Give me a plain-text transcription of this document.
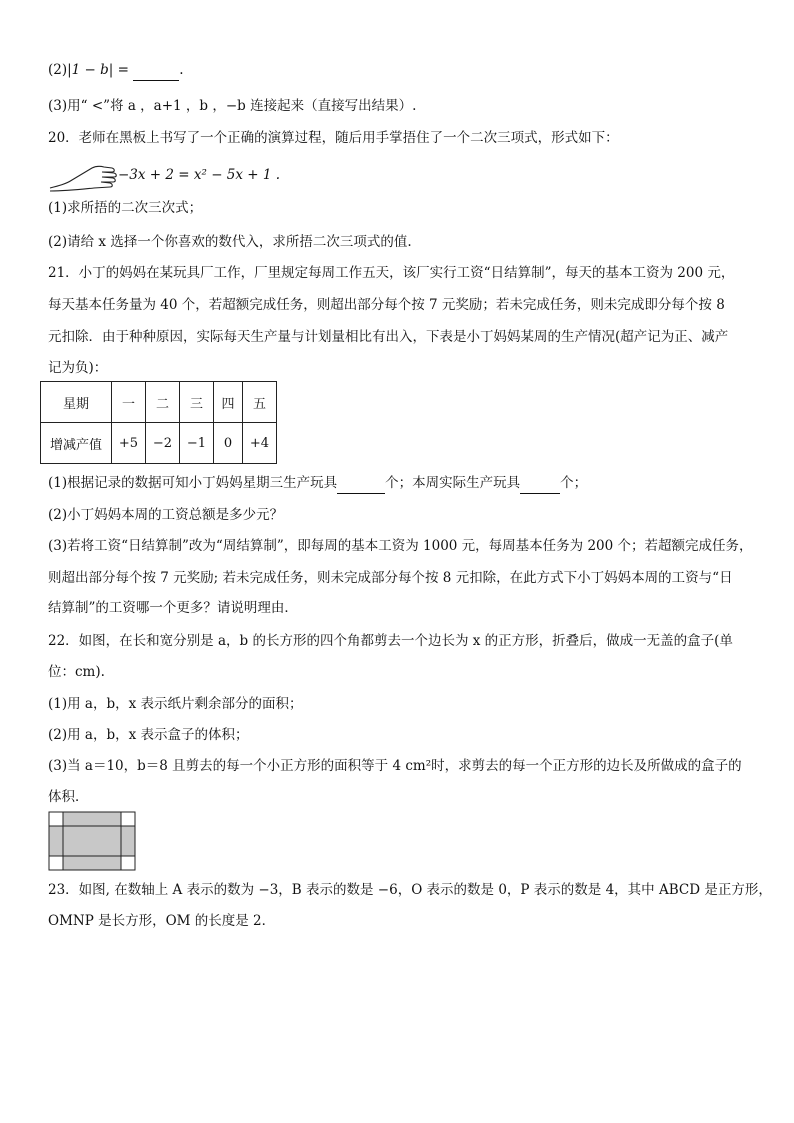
(2)|1 − b| =	.
(3)用“ <”将 a ，a+1 ，b ，−b 连接起来（直接写出结果）.
20．老师在黑板上书写了一个正确的演算过程，随后用手掌捂住了一个二次三项式，形式如下：
−3x + 2 = x² − 5x + 1 .
(1)求所捂的二次三次式；
(2)请给 x 选择一个你喜欢的数代入，求所捂二次三项式的值.
21．小丁的妈妈在某玩具厂工作，厂里规定每周工作五天，该厂实行工资“日结算制”，每天的基本工资为 200 元，
每天基本任务量为 40 个，若超额完成任务，则超出部分每个按 7 元奖励；若未完成任务，则未完成即分每个按 8
元扣除．由于种种原因，实际每天生产量与计划量相比有出入，下表是小丁妈妈某周的生产情况(超产记为正、减产
记为负)：
星期	一	二	三	四	五
增减产值	+5	−2	−1	0	+4
(1)根据记录的数据可知小丁妈妈星期三生产玩具	个；本周实际生产玩具	个；
(2)小丁妈妈本周的工资总额是多少元？
(3)若将工资“日结算制”改为“周结算制”，即每周的基本工资为 1000 元，每周基本任务为 200 个；若超额完成任务，
则超出部分每个按 7 元奖励; 若未完成任务，则未完成部分每个按 8 元扣除，在此方式下小丁妈妈本周的工资与“日
结算制”的工资哪一个更多？请说明理由．
22．如图，在长和宽分别是 a，b 的长方形的四个角都剪去一个边长为 x 的正方形，折叠后，做成一无盖的盒子(单
位：cm).
(1)用 a，b，x 表示纸片剩余部分的面积；
(2)用 a，b，x 表示盒子的体积；
(3)当 a＝10，b＝8 且剪去的每一个小正方形的面积等于 4 cm²时，求剪去的每一个正方形的边长及所做成的盒子的
体积．
23．如图, 在数轴上 A 表示的数为 −3，B 表示的数是 −6，O 表示的数是 0，P 表示的数是 4，其中 ABCD 是正方形，
OMNP 是长方形，OM 的长度是 2．
